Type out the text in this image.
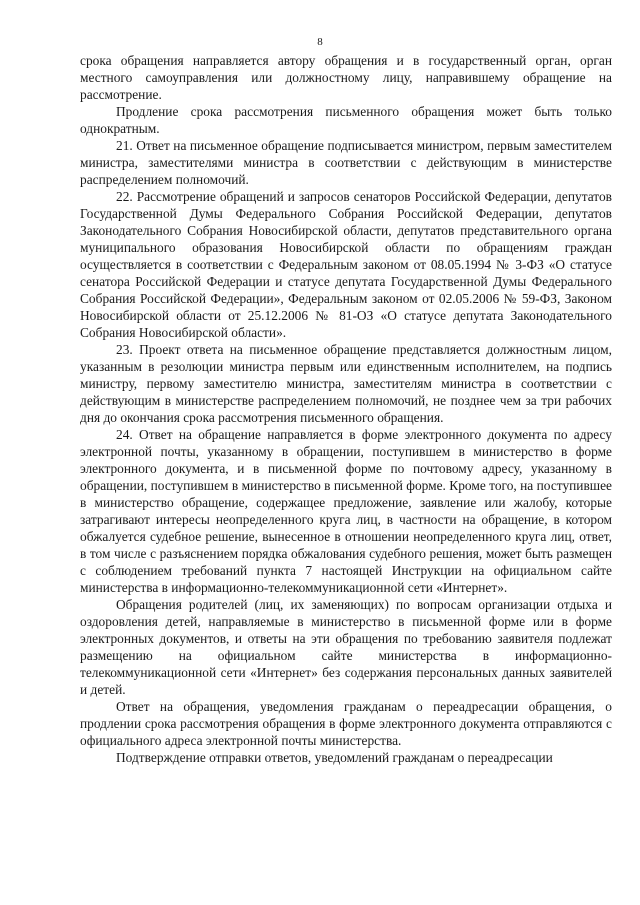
8

срока обращения направляется автору обращения и в государственный орган, орган местного самоуправления или должностному лицу, направившему обращение на рассмотрение.

Продление срока рассмотрения письменного обращения может быть только однократным.

21. Ответ на письменное обращение подписывается министром, первым заместителем министра, заместителями министра в соответствии с действующим в министерстве распределением полномочий.

22. Рассмотрение обращений и запросов сенаторов Российской Федерации, депутатов Государственной Думы Федерального Собрания Российской Федерации, депутатов Законодательного Собрания Новосибирской области, депутатов представительного органа муниципального образования Новосибирской области по обращениям граждан осуществляется в соответствии с Федеральным законом от 08.05.1994 № 3-ФЗ «О статусе сенатора Российской Федерации и статусе депутата Государственной Думы Федерального Собрания Российской Федерации», Федеральным законом от 02.05.2006 № 59-ФЗ, Законом Новосибирской области от 25.12.2006 № 81-ОЗ «О статусе депутата Законодательного Собрания Новосибирской области».

23. Проект ответа на письменное обращение представляется должностным лицом, указанным в резолюции министра первым или единственным исполнителем, на подпись министру, первому заместителю министра, заместителям министра в соответствии с действующим в министерстве распределением полномочий, не позднее чем за три рабочих дня до окончания срока рассмотрения письменного обращения.

24. Ответ на обращение направляется в форме электронного документа по адресу электронной почты, указанному в обращении, поступившем в министерство в форме электронного документа, и в письменной форме по почтовому адресу, указанному в обращении, поступившем в министерство в письменной форме. Кроме того, на поступившее в министерство обращение, содержащее предложение, заявление или жалобу, которые затрагивают интересы неопределенного круга лиц, в частности на обращение, в котором обжалуется судебное решение, вынесенное в отношении неопределенного круга лиц, ответ, в том числе с разъяснением порядка обжалования судебного решения, может быть размещен с соблюдением требований пункта 7 настоящей Инструкции на официальном сайте министерства в информационно-телекоммуникационной сети «Интернет».

Обращения родителей (лиц, их заменяющих) по вопросам организации отдыха и оздоровления детей, направляемые в министерство в письменной форме или в форме электронных документов, и ответы на эти обращения по требованию заявителя подлежат размещению на официальном сайте министерства в информационно-телекоммуникационной сети «Интернет» без содержания персональных данных заявителей и детей.

Ответ на обращения, уведомления гражданам о переадресации обращения, о продлении срока рассмотрения обращения в форме электронного документа отправляются с официального адреса электронной почты министерства.

Подтверждение отправки ответов, уведомлений гражданам о переадресации
